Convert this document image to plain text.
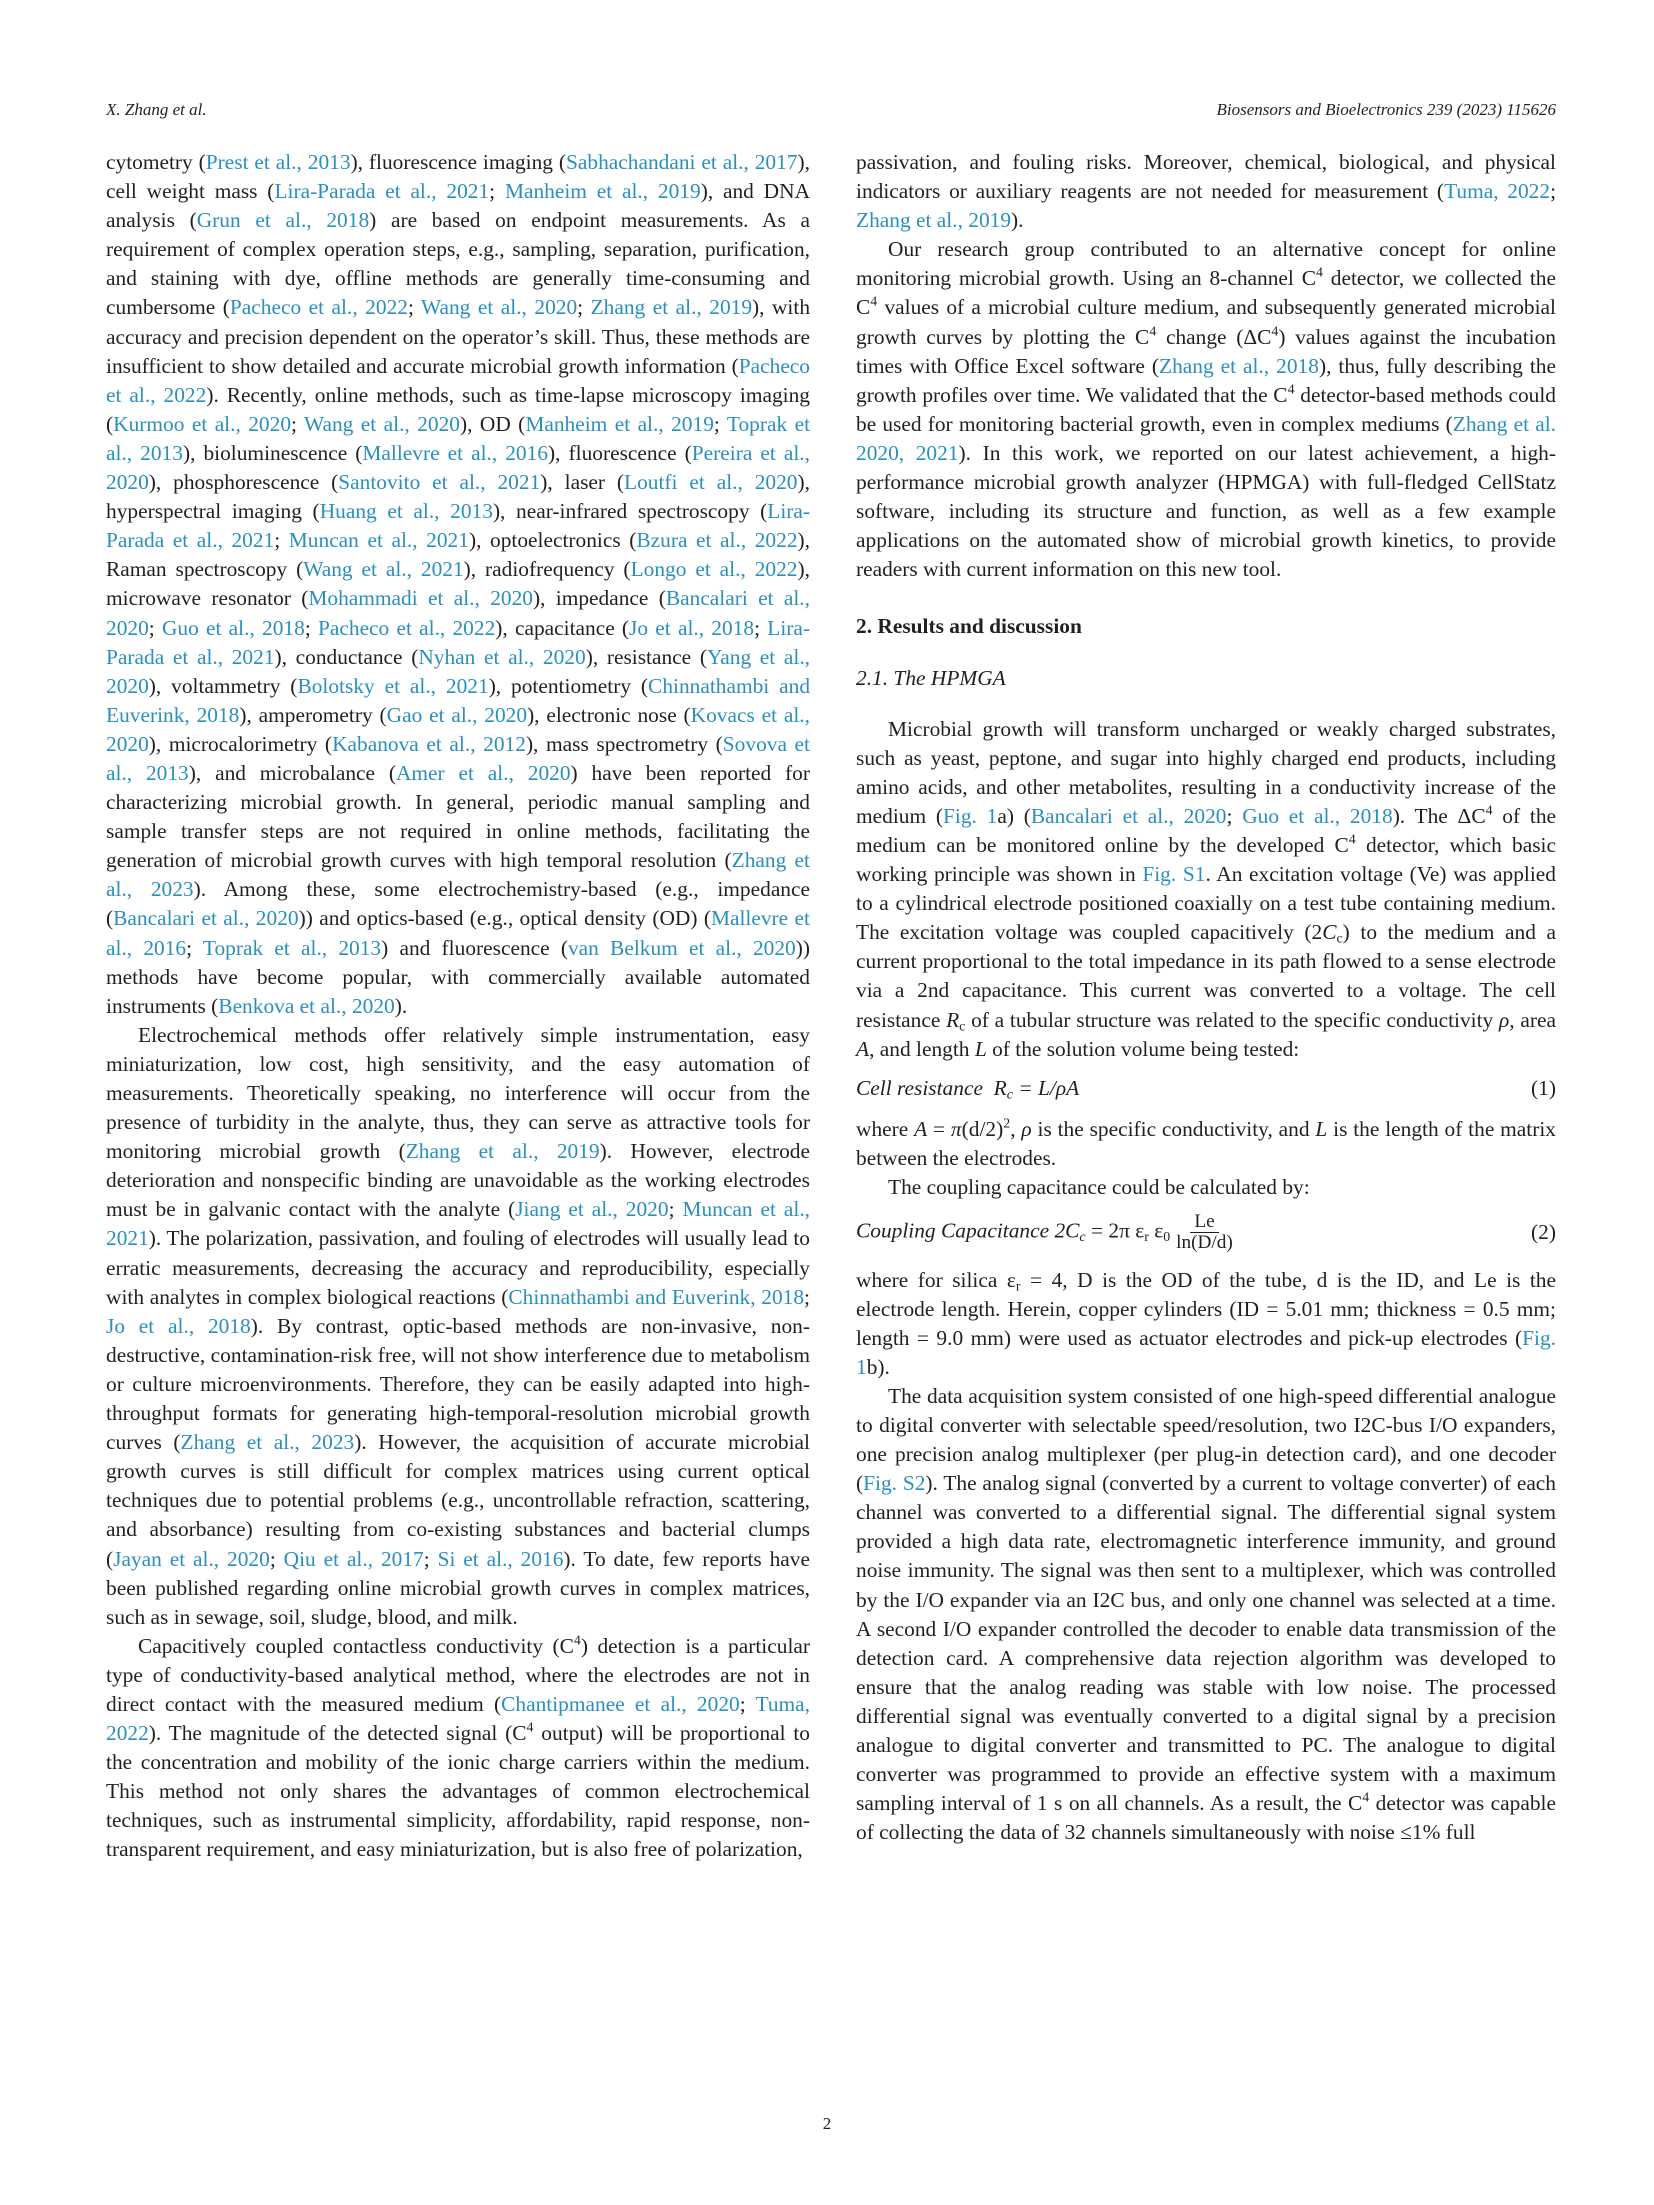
X. Zhang et al.	Biosensors and Bioelectronics 239 (2023) 115626

cytometry (Prest et al., 2013), fluorescence imaging (Sabhachandani et al., 2017), cell weight mass (Lira-Parada et al., 2021; Manheim et al., 2019), and DNA analysis (Grun et al., 2018) are based on endpoint measurements. As a requirement of complex operation steps, e.g., sampling, separation, purification, and staining with dye, offline methods are generally time-consuming and cumbersome (Pacheco et al., 2022; Wang et al., 2020; Zhang et al., 2019), with accuracy and precision dependent on the operator’s skill. Thus, these methods are insufficient to show detailed and accurate microbial growth information (Pacheco et al., 2022). Recently, online methods, such as time-lapse microscopy imaging (Kurmoo et al., 2020; Wang et al., 2020), OD (Manheim et al., 2019; Toprak et al., 2013), bioluminescence (Mallevre et al., 2016), fluorescence (Pereira et al., 2020), phosphorescence (Santovito et al., 2021), laser (Loutfi et al., 2020), hyperspectral imaging (Huang et al., 2013), near-infrared spectroscopy (Lira-Parada et al., 2021; Muncan et al., 2021), optoelectronics (Bzura et al., 2022), Raman spectroscopy (Wang et al., 2021), radiofrequency (Longo et al., 2022), microwave resonator (Mohammadi et al., 2020), impedance (Bancalari et al., 2020; Guo et al., 2018; Pacheco et al., 2022), capacitance (Jo et al., 2018; Lira-Parada et al., 2021), conductance (Nyhan et al., 2020), resistance (Yang et al., 2020), voltammetry (Bolotsky et al., 2021), potentiometry (Chinnathambi and Euverink, 2018), amperometry (Gao et al., 2020), electronic nose (Kovacs et al., 2020), microcalorimetry (Kabanova et al., 2012), mass spectrometry (Sovova et al., 2013), and microbalance (Amer et al., 2020) have been reported for characterizing microbial growth. In general, periodic manual sampling and sample transfer steps are not required in online methods, facilitating the generation of microbial growth curves with high temporal resolution (Zhang et al., 2023). Among these, some electrochemistry-based (e.g., impedance (Bancalari et al., 2020)) and optics-based (e.g., optical density (OD) (Mallevre et al., 2016; Toprak et al., 2013) and fluorescence (van Belkum et al., 2020)) methods have become popular, with commercially available automated instruments (Benkova et al., 2020).

Electrochemical methods offer relatively simple instrumentation, easy miniaturization, low cost, high sensitivity, and the easy automation of measurements. Theoretically speaking, no interference will occur from the presence of turbidity in the analyte, thus, they can serve as attractive tools for monitoring microbial growth (Zhang et al., 2019). However, electrode deterioration and nonspecific binding are unavoidable as the working electrodes must be in galvanic contact with the analyte (Jiang et al., 2020; Muncan et al., 2021). The polarization, passivation, and fouling of electrodes will usually lead to erratic measurements, decreasing the accuracy and reproducibility, especially with analytes in complex biological reactions (Chinnathambi and Euverink, 2018; Jo et al., 2018). By contrast, optic-based methods are non-invasive, non-destructive, contamination-risk free, will not show interference due to metabolism or culture microenvironments. Therefore, they can be easily adapted into high-throughput formats for generating high-temporal-resolution microbial growth curves (Zhang et al., 2023). However, the acquisition of accurate microbial growth curves is still difficult for complex matrices using current optical techniques due to potential problems (e.g., uncontrollable refraction, scattering, and absorbance) resulting from co-existing substances and bacterial clumps (Jayan et al., 2020; Qiu et al., 2017; Si et al., 2016). To date, few reports have been published regarding online microbial growth curves in complex matrices, such as in sewage, soil, sludge, blood, and milk.

Capacitively coupled contactless conductivity $(C^4)$ detection is a particular type of conductivity-based analytical method, where the electrodes are not in direct contact with the measured medium (Chantipmanee et al., 2020; Tuma, 2022). The magnitude of the detected signal ($C^4$ output) will be proportional to the concentration and mobility of the ionic charge carriers within the medium. This method not only shares the advantages of common electrochemical techniques, such as instrumental simplicity, affordability, rapid response, non-transparent requirement, and easy miniaturization, but is also free of polarization,

passivation, and fouling risks. Moreover, chemical, biological, and physical indicators or auxiliary reagents are not needed for measurement (Tuma, 2022; Zhang et al., 2019).

Our research group contributed to an alternative concept for online monitoring microbial growth. Using an 8-channel $C^4$ detector, we collected the $C^4$ values of a microbial culture medium, and subsequently generated microbial growth curves by plotting the $C^4$ change $(\Delta C^4)$ values against the incubation times with Office Excel software (Zhang et al., 2018), thus, fully describing the growth profiles over time. We validated that the $C^4$ detector-based methods could be used for monitoring bacterial growth, even in complex mediums (Zhang et al. 2020, 2021). In this work, we reported on our latest achievement, a high-performance microbial growth analyzer (HPMGA) with full-fledged CellStatz software, including its structure and function, as well as a few example applications on the automated show of microbial growth kinetics, to provide readers with current information on this new tool.

2. Results and discussion

2.1. The HPMGA

Microbial growth will transform uncharged or weakly charged substrates, such as yeast, peptone, and sugar into highly charged end products, including amino acids, and other metabolites, resulting in a conductivity increase of the medium (Fig. 1a) (Bancalari et al., 2020; Guo et al., 2018). The $\Delta C^4$ of the medium can be monitored online by the developed $C^4$ detector, which basic working principle was shown in Fig. S1. An excitation voltage (Ve) was applied to a cylindrical electrode positioned coaxially on a test tube containing medium. The excitation voltage was coupled capacitively $(2C_c)$ to the medium and a current proportional to the total impedance in its path flowed to a sense electrode via a 2nd capacitance. This current was converted to a voltage. The cell resistance $R_c$ of a tubular structure was related to the specific conductivity ρ, area A, and length L of the solution volume being tested:

Cell resistance $R_c = L/\rho A$	(1)

where $A = \pi(d/2)^2$, ρ is the specific conductivity, and L is the length of the matrix between the electrodes.

The coupling capacitance could be calculated by:

Coupling Capacitance $2C_c = 2\pi$ $\varepsilon_r$ $\varepsilon_0 \frac{Le}{\ln(D/d)}$	(2)

where for silica $\varepsilon_r = 4$, D is the OD of the tube, d is the ID, and Le is the electrode length. Herein, copper cylinders (ID = 5.01 mm; thickness = 0.5 mm; length = 9.0 mm) were used as actuator electrodes and pick-up electrodes (Fig. 1b).

The data acquisition system consisted of one high-speed differential analogue to digital converter with selectable speed/resolution, two I2C-bus I/O expanders, one precision analog multiplexer (per plug-in detection card), and one decoder (Fig. S2). The analog signal (converted by a current to voltage converter) of each channel was converted to a differential signal. The differential signal system provided a high data rate, electromagnetic interference immunity, and ground noise immunity. The signal was then sent to a multiplexer, which was controlled by the I/O expander via an I2C bus, and only one channel was selected at a time. A second I/O expander controlled the decoder to enable data transmission of the detection card. A comprehensive data rejection algorithm was developed to ensure that the analog reading was stable with low noise. The processed differential signal was eventually converted to a digital signal by a precision analogue to digital converter and transmitted to PC. The analogue to digital converter was programmed to provide an effective system with a maximum sampling interval of 1 s on all channels. As a result, the $C^4$ detector was capable of collecting the data of 32 channels simultaneously with noise ≤1% full

2
